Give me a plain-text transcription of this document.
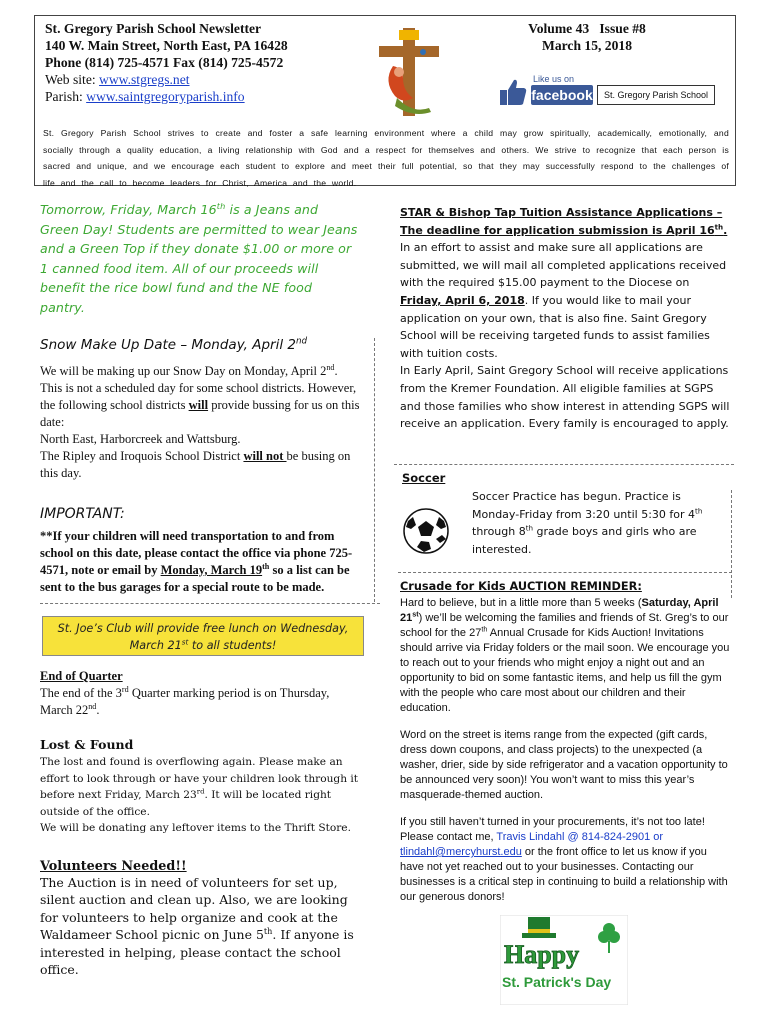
St. Gregory Parish School Newsletter
140 W. Main Street, North East, PA 16428
Phone (814) 725-4571 Fax (814) 725-4572
Web site: www.stgregs.net
Parish: www.saintgregoryparish.info
Volume 43 Issue #8
March 15, 2018
Like us on
facebook	St. Gregory Parish School
St. Gregory Parish School strives to create and foster a safe learning environment where a child may grow spiritually, academically, emotionally, and socially through a quality education, a living relationship with God and a respect for themselves and others. We strive to recognize that each person is sacred and unique, and we encourage each student to explore and meet their full potential, so that they may successfully respond to the challenges of life and the call to become leaders for Christ, America and the world.
Tomorrow, Friday, March 16th is a Jeans and Green Day! Students are permitted to wear Jeans and a Green Top if they donate $1.00 or more or 1 canned food item. All of our proceeds will benefit the rice bowl fund and the NE food pantry.
Snow Make Up Date – Monday, April 2nd
We will be making up our Snow Day on Monday, April 2nd. This is not a scheduled day for some school districts. However, the following school districts will provide bussing for us on this date:
North East, Harborcreek and Wattsburg.
The Ripley and Iroquois School District will not be busing on this day.
IMPORTANT:
**If your children will need transportation to and from school on this date, please contact the office via phone 725-4571, note or email by Monday, March 19th so a list can be sent to the bus garages for a special route to be made.
St. Joe’s Club will provide free lunch on Wednesday,
March 21st to all students!
End of Quarter
The end of the 3rd Quarter marking period is on Thursday, March 22nd.
Lost & Found
The lost and found is overflowing again. Please make an effort to look through or have your children look through it before next Friday, March 23rd. It will be located right outside of the office.
We will be donating any leftover items to the Thrift Store.
Volunteers Needed!!
The Auction is in need of volunteers for set up, silent auction and clean up. Also, we are looking for volunteers to help organize and cook at the Waldameer School picnic on June 5th. If anyone is interested in helping, please contact the school office.
STAR & Bishop Tap Tuition Assistance Applications –
The deadline for application submission is April 16th.
In an effort to assist and make sure all applications are submitted, we will mail all completed applications received with the required $15.00 payment to the Diocese on Friday, April 6, 2018. If you would like to mail your application on your own, that is also fine. Saint Gregory School will be receiving targeted funds to assist families with tuition costs.
In Early April, Saint Gregory School will receive applications from the Kremer Foundation. All eligible families at SGPS and those families who show interest in attending SGPS will receive an application. Every family is encouraged to apply.
Soccer
Soccer Practice has begun. Practice is Monday-Friday from 3:20 until 5:30 for 4th through 8th grade boys and girls who are interested.
Crusade for Kids AUCTION REMINDER:
Hard to believe, but in a little more than 5 weeks (Saturday, April 21st) we’ll be welcoming the families and friends of St. Greg’s to our school for the 27th Annual Crusade for Kids Auction! Invitations should arrive via Friday folders or the mail soon. We encourage you to reach out to your friends who might enjoy a night out and an opportunity to bid on some fantastic items, and help us fill the gym with the people who care most about our children and their education.
Word on the street is items range from the expected (gift cards, dress down coupons, and class projects) to the unexpected (a washer, drier, side by side refrigerator and a vacation opportunity to be announced very soon)! You won’t want to miss this year’s masquerade-themed auction.
If you still haven’t turned in your procurements, it’s not too late! Please contact me, Travis Lindahl @ 814-824-2901 or tlindahl@mercyhurst.edu or the front office to let us know if you have not yet reached out to your businesses. Contacting our businesses is a critical step in continuing to build a relationship with our generous donors!
Happy
St. Patrick's Day
